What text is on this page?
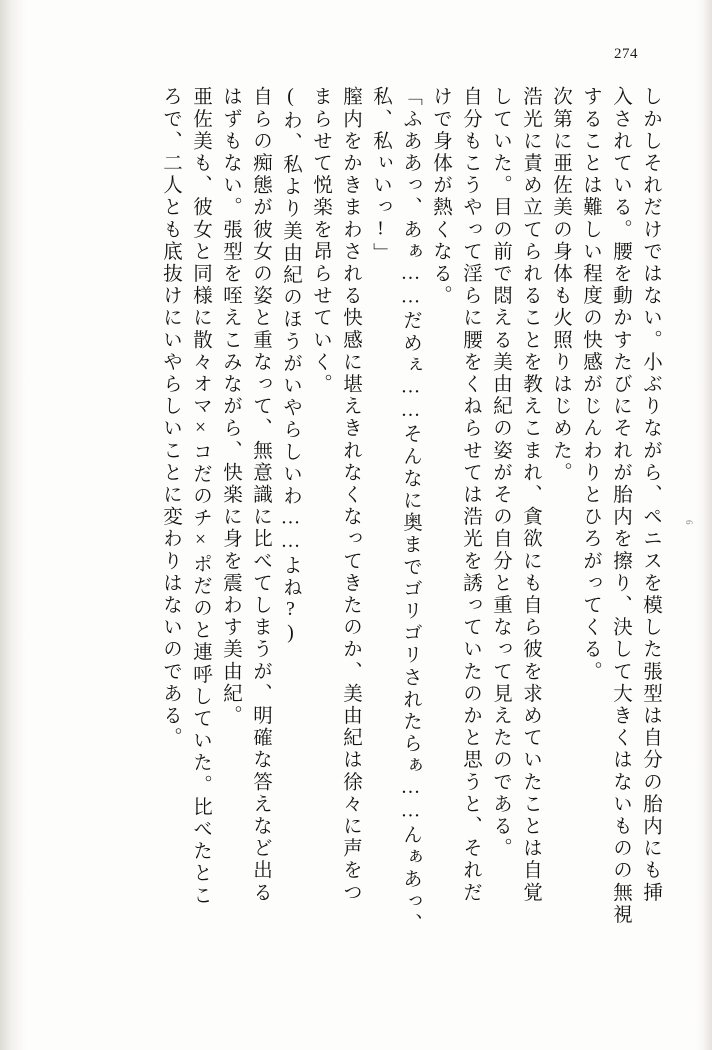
274
しかしそれだけではない。小ぶりながら、ペニスを模した張型は自分の胎内にも挿
入されている。腰を動かすたびにそれが胎内を擦り、決して大きくはないものの無視
することは難しい程度の快感がじんわりとひろがってくる。
次第に亜佐美の身体も火照りはじめた。
浩光に責め立てられることを教えこまれ、貪欲にも自ら彼を求めていたことは自覚
していた。目の前で悶える美由紀の姿がその自分と重なって見えたのである。
自分もこうやって淫らに腰をくねらせては浩光を誘っていたのかと思うと、それだ
けで身体が熱くなる。
「ふああっ、あぁ……だめぇ……そんなに奥までゴリゴリされたらぁ……んぁあっ、
私、私ぃいっ!」
膣内をかきまわされる快感に堪えきれなくなってきたのか、美由紀は徐々に声をつ
まらせて悦楽を昂らせていく。
(わ、私より美由紀のほうがいやらしいわ……よね?)
自らの痴態が彼女の姿と重なって、無意識に比べてしまうが、明確な答えなど出る
はずもない。張型を咥えこみながら、快楽に身を震わす美由紀。
亜佐美も、彼女と同様に散々オマ×コだのチ×ポだのと連呼していた。比べたとこ
ろで、二人とも底抜けにいやらしいことに変わりはないのである。	6
